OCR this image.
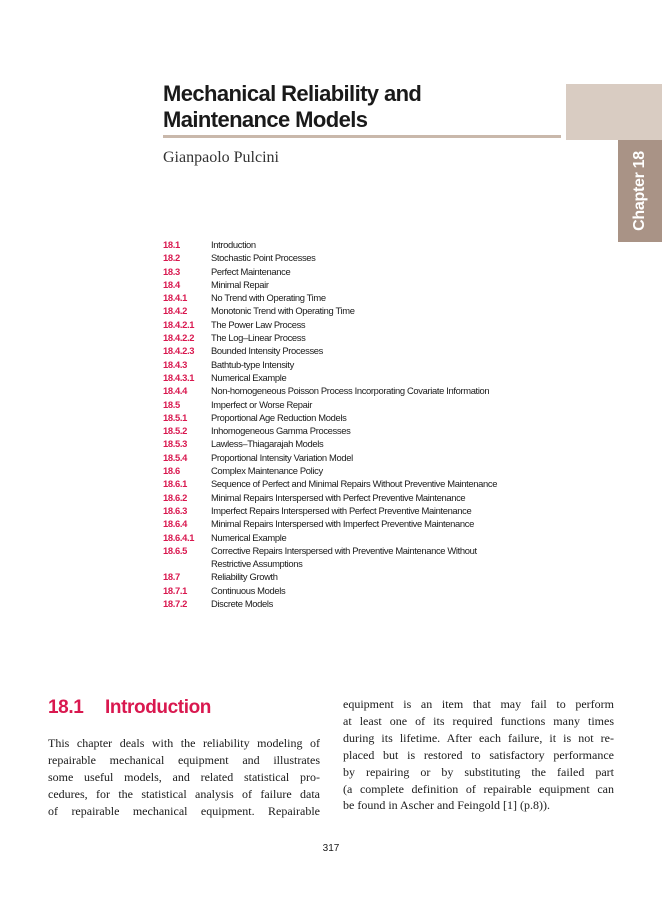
Mechanical Reliability and
Maintenance Models
Chapter 18
Gianpaolo Pulcini
18.1	Introduction
18.2	Stochastic Point Processes
18.3	Perfect Maintenance
18.4	Minimal Repair
18.4.1	No Trend with Operating Time
18.4.2	Monotonic Trend with Operating Time
18.4.2.1	The Power Law Process
18.4.2.2	The Log–Linear Process
18.4.2.3	Bounded Intensity Processes
18.4.3	Bathtub-type Intensity
18.4.3.1	Numerical Example
18.4.4	Non-homogeneous Poisson Process Incorporating Covariate Information
18.5	Imperfect or Worse Repair
18.5.1	Proportional Age Reduction Models
18.5.2	Inhomogeneous Gamma Processes
18.5.3	Lawless–Thiagarajah Models
18.5.4	Proportional Intensity Variation Model
18.6	Complex Maintenance Policy
18.6.1	Sequence of Perfect and Minimal Repairs Without Preventive Maintenance
18.6.2	Minimal Repairs Interspersed with Perfect Preventive Maintenance
18.6.3	Imperfect Repairs Interspersed with Perfect Preventive Maintenance
18.6.4	Minimal Repairs Interspersed with Imperfect Preventive Maintenance
18.6.4.1	Numerical Example
18.6.5	Corrective Repairs Interspersed with Preventive Maintenance Without
Restrictive Assumptions
18.7	Reliability Growth
18.7.1	Continuous Models
18.7.2	Discrete Models
18.1 Introduction
This chapter deals with the reliability modeling of
repairable mechanical equipment and illustrates
some useful models, and related statistical pro-
cedures, for the statistical analysis of failure data
of repairable mechanical equipment. Repairable
equipment is an item that may fail to perform
at least one of its required functions many times
during its lifetime. After each failure, it is not re-
placed but is restored to satisfactory performance
by repairing or by substituting the failed part
(a complete definition of repairable equipment can
be found in Ascher and Feingold [1] (p.8)).
317
